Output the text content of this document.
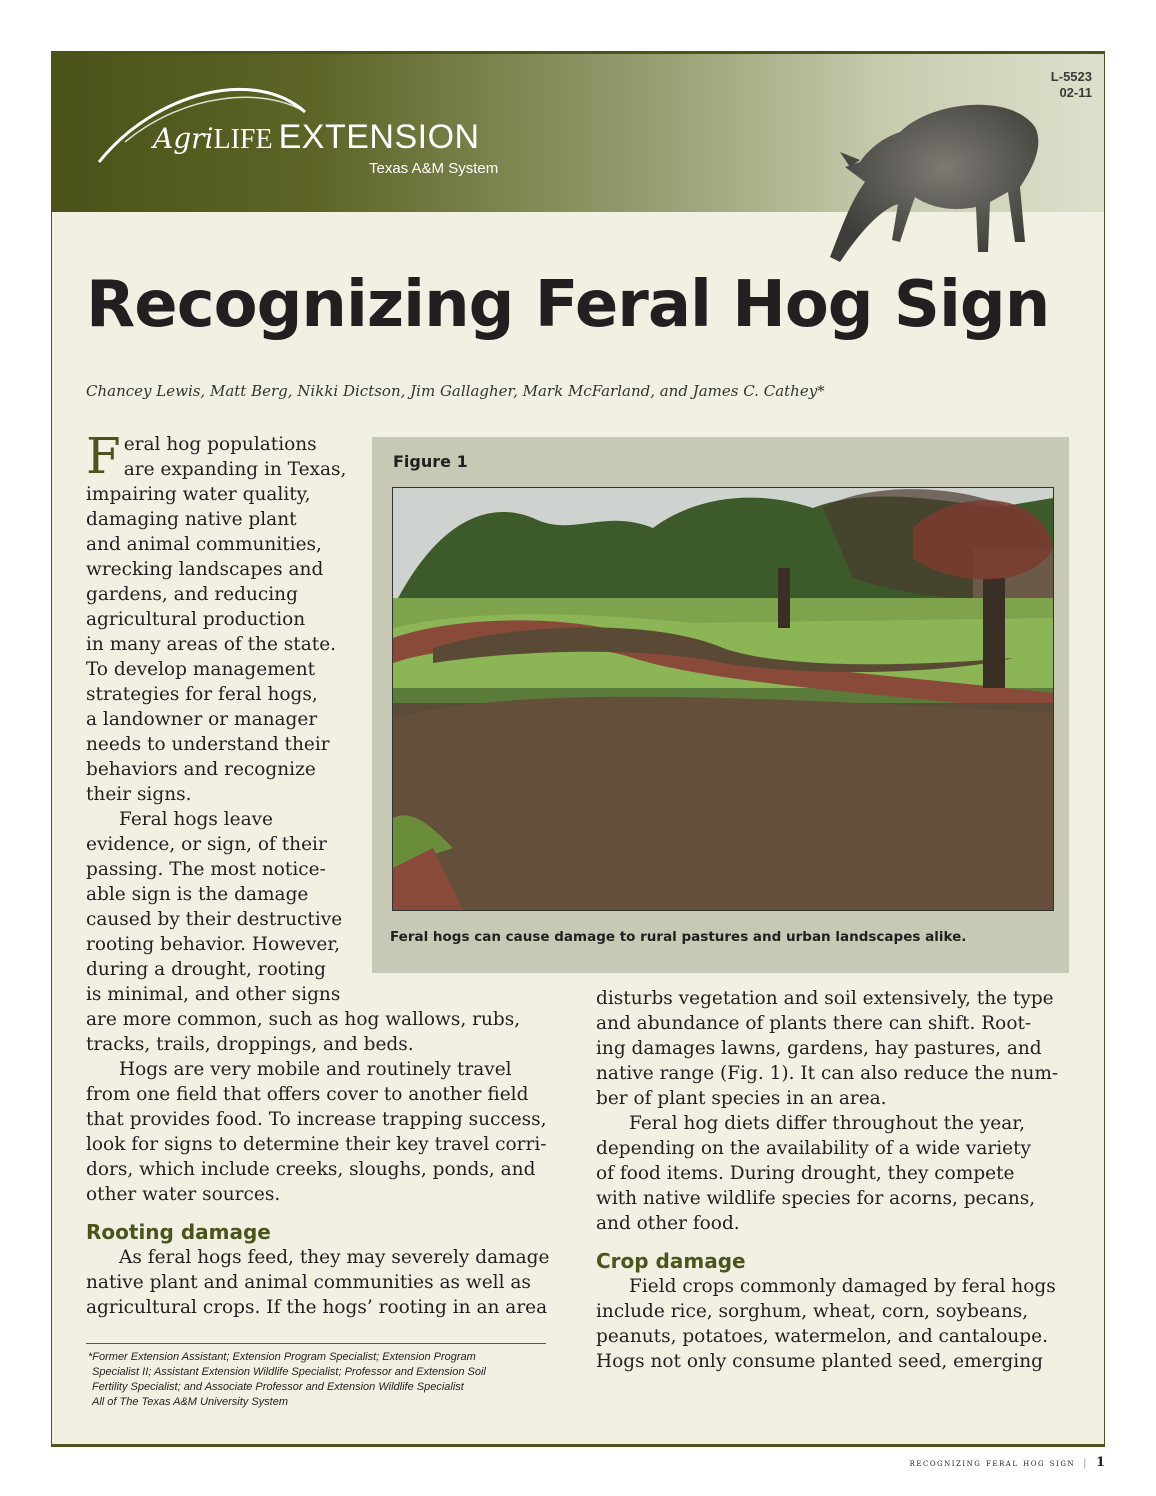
AgriLIFE EXTENSION
Texas A&M System
L-5523
02-11
Recognizing Feral Hog Sign
Chancey Lewis, Matt Berg, Nikki Dictson, Jim Gallagher, Mark McFarland, and James C. Cathey*

F eral hog populations
are expanding in Texas,
impairing water quality,
damaging native plant
and animal communities,
wrecking landscapes and
gardens, and reducing
agricultural production
in many areas of the state.
To develop management
strategies for feral hogs,
a landowner or manager
needs to understand their
behaviors and recognize
their signs.

Feral hogs leave
evidence, or sign, of their
passing. The most notice-
able sign is the damage
caused by their destructive
rooting behavior. However,
during a drought, rooting
is minimal, and other signs
are more common, such as hog wallows, rubs,
tracks, trails, droppings, and beds.

Hogs are very mobile and routinely travel
from one field that offers cover to another field
that provides food. To increase trapping success,
look for signs to determine their key travel corri-
dors, which include creeks, sloughs, ponds, and
other water sources.

Rooting damage

As feral hogs feed, they may severely damage
native plant and animal communities as well as
agricultural crops. If the hogs’ rooting in an area

Figure 1
Feral hogs can cause damage to rural pastures and urban landscapes alike.

disturbs vegetation and soil extensively, the type
and abundance of plants there can shift. Root-
ing damages lawns, gardens, hay pastures, and
native range (Fig. 1). It can also reduce the num-
ber of plant species in an area.

Feral hog diets differ throughout the year,
depending on the availability of a wide variety
of food items. During drought, they compete
with native wildlife species for acorns, pecans,
and other food.

Crop damage

Field crops commonly damaged by feral hogs
include rice, sorghum, wheat, corn, soybeans,
peanuts, potatoes, watermelon, and cantaloupe.
Hogs not only consume planted seed, emerging

*Former Extension Assistant; Extension Program Specialist; Extension Program
Specialist II; Assistant Extension Wildlife Specialist; Professor and Extension Soil
Fertility Specialist; and Associate Professor and Extension Wildlife Specialist
All of The Texas A&M University System
recognizing feral hog sign | 1
